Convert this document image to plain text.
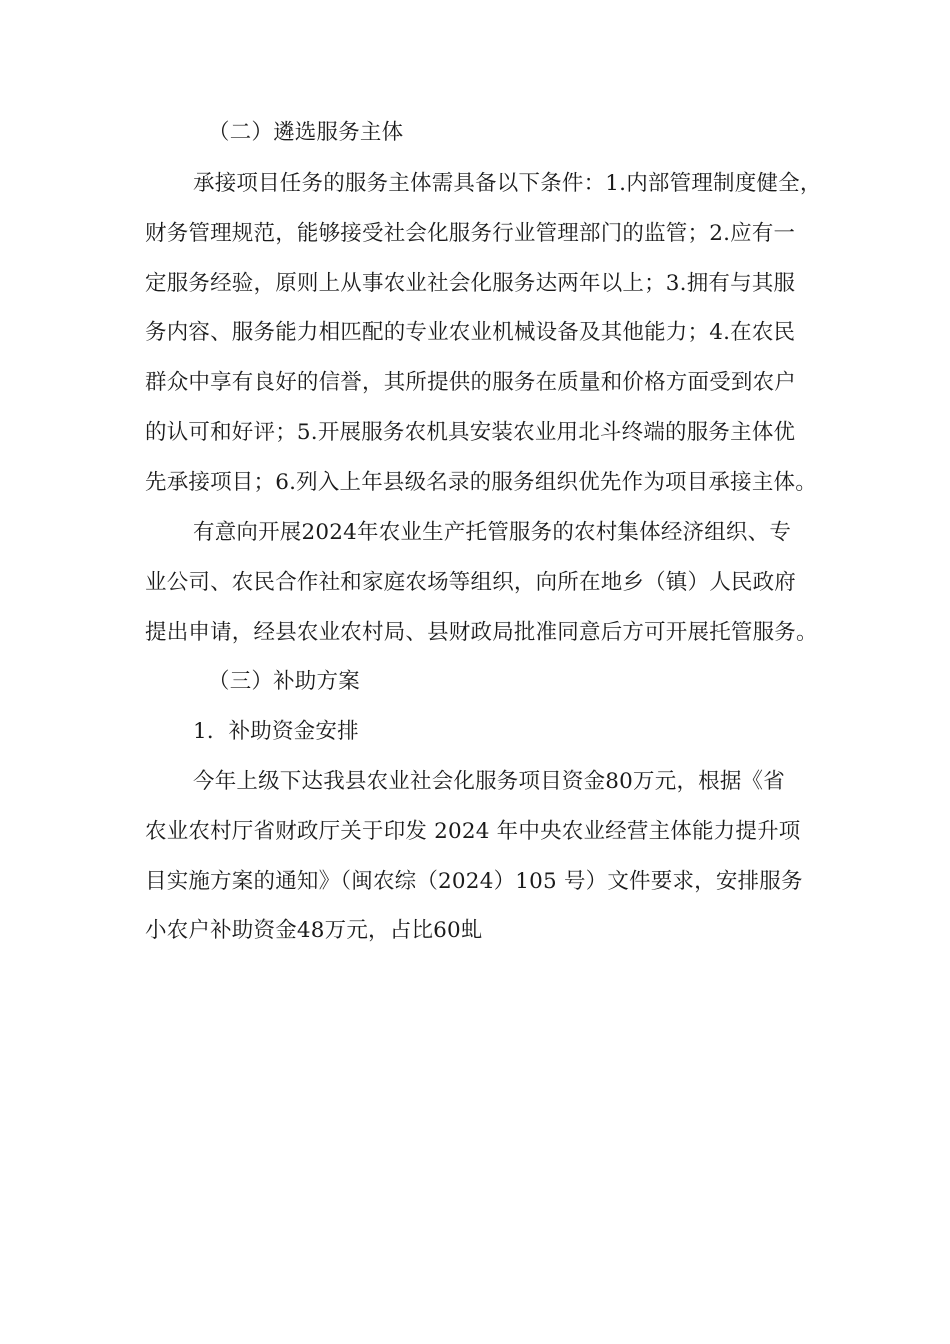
（二）遴选服务主体
承接项目任务的服务主体需具备以下条件：1.内部管理制度健全，
财务管理规范，能够接受社会化服务行业管理部门的监管；2.应有一
定服务经验，原则上从事农业社会化服务达两年以上；3.拥有与其服
务内容、服务能力相匹配的专业农业机械设备及其他能力；4.在农民
群众中享有良好的信誉，其所提供的服务在质量和价格方面受到农户
的认可和好评；5.开展服务农机具安装农业用北斗终端的服务主体优
先承接项目；6.列入上年县级名录的服务组织优先作为项目承接主体。
有意向开展2024年农业生产托管服务的农村集体经济组织、专
业公司、农民合作社和家庭农场等组织，向所在地乡（镇）人民政府
提出申请，经县农业农村局、县财政局批准同意后方可开展托管服务。
（三）补助方案
1．补助资金安排
今年上级下达我县农业社会化服务项目资金80万元，根据《省
农业农村厅省财政厅关于印发 2024 年中央农业经营主体能力提升项
目实施方案的通知》（闽农综（2024）105 号）文件要求，安排服务
小农户补助资金48万元，占比60虬
